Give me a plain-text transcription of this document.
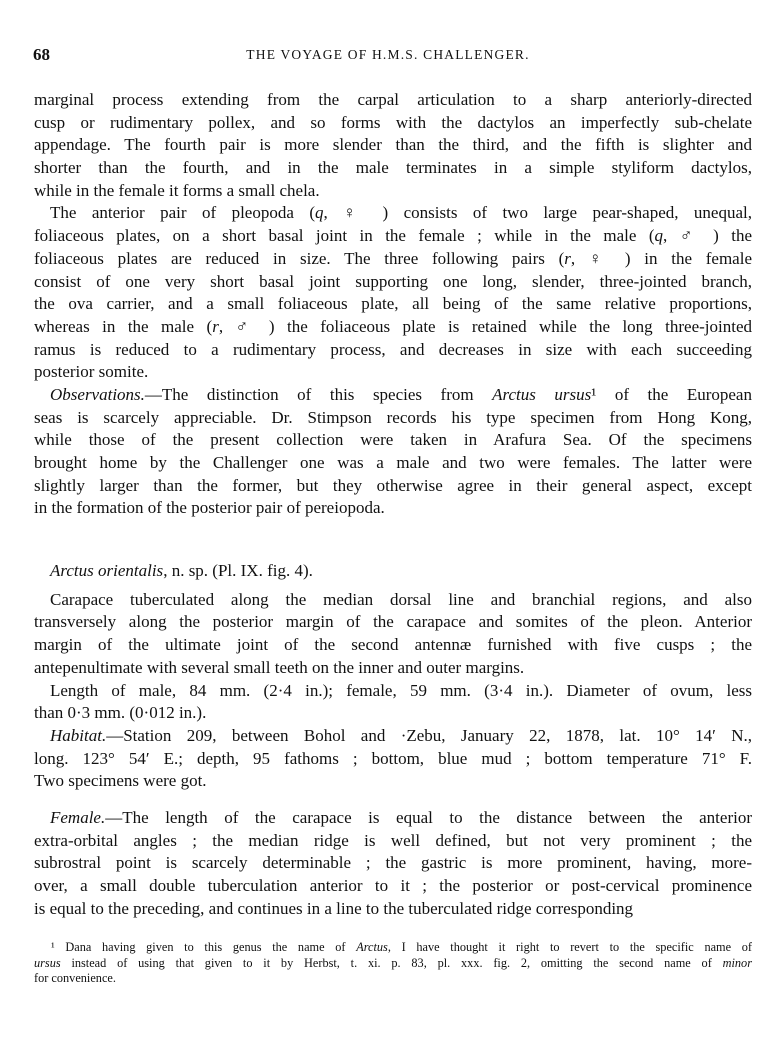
68	THE VOYAGE OF H.M.S. CHALLENGER.
marginal process extending from the carpal articulation to a sharp anteriorly-directed
cusp or rudimentary pollex, and so forms with the dactylos an imperfectly sub-chelate
appendage. The fourth pair is more slender than the third, and the fifth is slighter and
shorter than the fourth, and in the male terminates in a simple styliform dactylos,
while in the female it forms a small chela.
The anterior pair of pleopoda (q, ♀ ) consists of two large pear-shaped, unequal,
foliaceous plates, on a short basal joint in the female ; while in the male (q, ♂ ) the
foliaceous plates are reduced in size. The three following pairs (r, ♀ ) in the female
consist of one very short basal joint supporting one long, slender, three-jointed branch,
the ova carrier, and a small foliaceous plate, all being of the same relative proportions,
whereas in the male (r, ♂ ) the foliaceous plate is retained while the long three-jointed
ramus is reduced to a rudimentary process, and decreases in size with each succeeding
posterior somite.
Observations.—The distinction of this species from Arctus ursus¹ of the European
seas is scarcely appreciable. Dr. Stimpson records his type specimen from Hong Kong,
while those of the present collection were taken in Arafura Sea. Of the specimens
brought home by the Challenger one was a male and two were females. The latter were
slightly larger than the former, but they otherwise agree in their general aspect, except
in the formation of the posterior pair of pereiopoda.
Arctus orientalis, n. sp. (Pl. IX. fig. 4).
Carapace tuberculated along the median dorsal line and branchial regions, and also
transversely along the posterior margin of the carapace and somites of the pleon. Anterior
margin of the ultimate joint of the second antennæ furnished with five cusps ; the
antepenultimate with several small teeth on the inner and outer margins.
Length of male, 84 mm. (2·4 in.); female, 59 mm. (3·4 in.). Diameter of ovum, less
than 0·3 mm. (0·012 in.).
Habitat.—Station 209, between Bohol and ·Zebu, January 22, 1878, lat. 10° 14′ N.,
long. 123° 54′ E.; depth, 95 fathoms ; bottom, blue mud ; bottom temperature 71° F.
Two specimens were got.
Female.—The length of the carapace is equal to the distance between the anterior
extra-orbital angles ; the median ridge is well defined, but not very prominent ; the
subrostral point is scarcely determinable ; the gastric is more prominent, having, more-
over, a small double tuberculation anterior to it ; the posterior or post-cervical prominence
is equal to the preceding, and continues in a line to the tuberculated ridge corresponding
¹ Dana having given to this genus the name of Arctus, I have thought it right to revert to the specific name of
ursus instead of using that given to it by Herbst, t. xi. p. 83, pl. xxx. fig. 2, omitting the second name of minor
for convenience.
